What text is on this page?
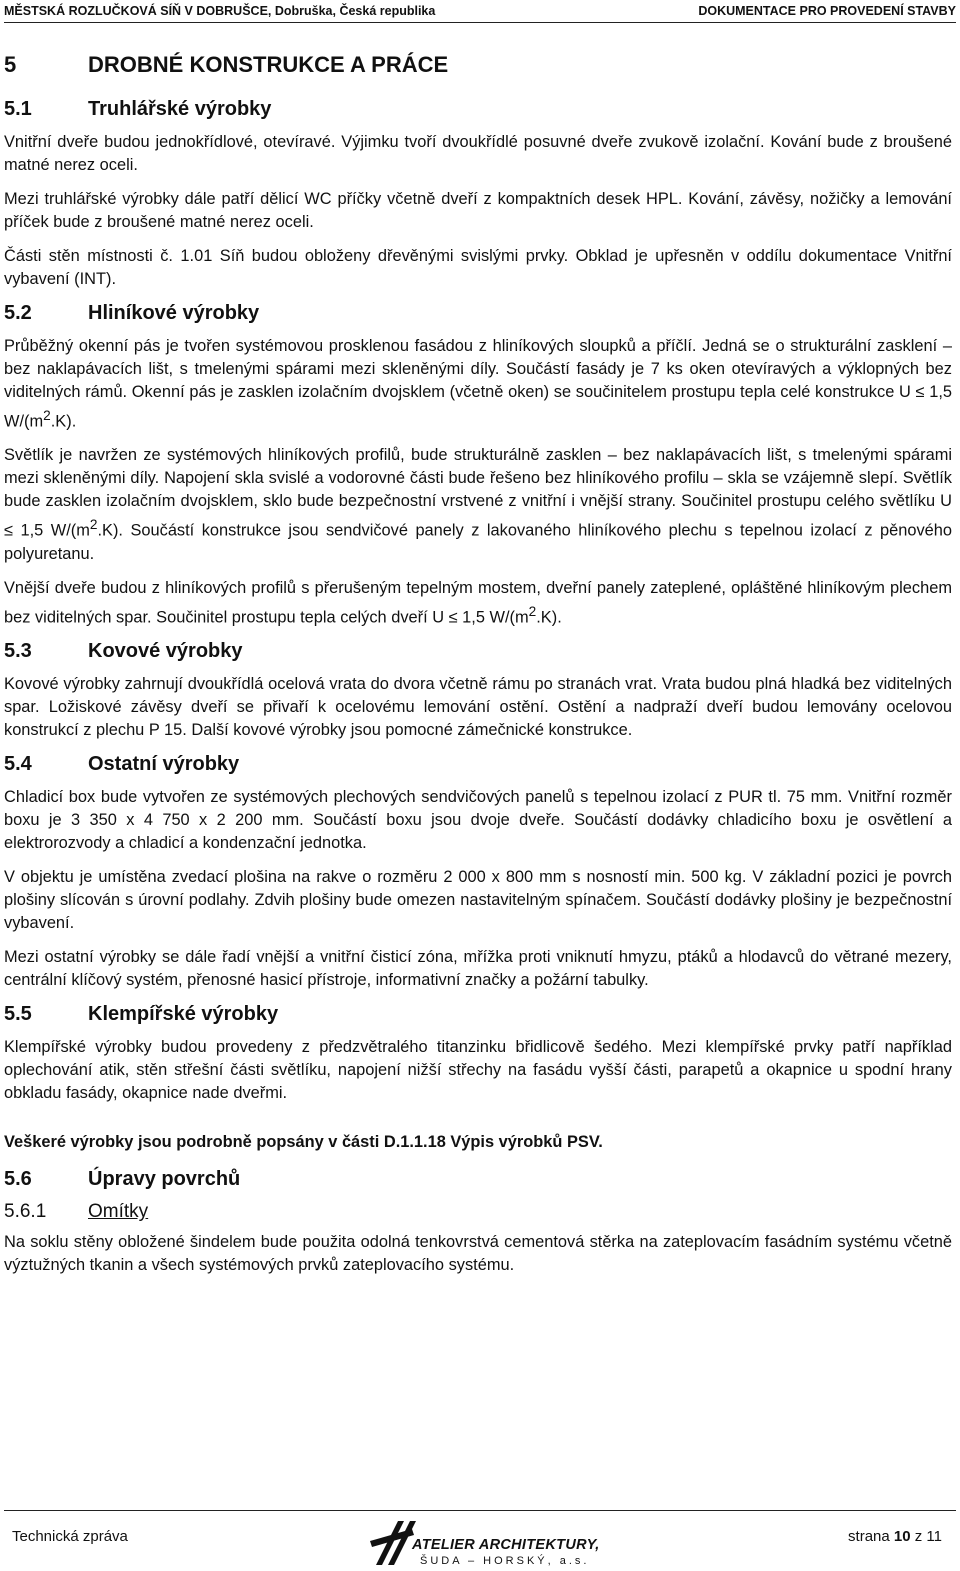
MĚSTSKÁ ROZLUČKOVÁ SÍŇ V DOBRUŠCE, Dobruška, Česká republika	DOKUMENTACE PRO PROVEDENÍ STAVBY
5	DROBNÉ KONSTRUKCE A PRÁCE
5.1	Truhlářské výrobky

Vnitřní dveře budou jednokřídlové, otevíravé. Výjimku tvoří dvoukřídlé posuvné dveře zvukově izolační. Kování bude z broušené matné nerez oceli.

Mezi truhlářské výrobky dále patří dělicí WC příčky včetně dveří z kompaktních desek HPL. Kování, závěsy, nožičky a lemování příček bude z broušené matné nerez oceli.

Části stěn místnosti č. 1.01 Síň budou obloženy dřevěnými svislými prvky. Obklad je upřesněn v oddílu dokumentace Vnitřní vybavení (INT).

5.2	Hliníkové výrobky

Průběžný okenní pás je tvořen systémovou prosklenou fasádou z hliníkových sloupků a příčlí. Jedná se o strukturální zasklení – bez naklapávacích lišt, s tmelenými spárami mezi skleněnými díly. Součástí fasády je 7 ks oken otevíravých a výklopných bez viditelných rámů. Okenní pás je zasklen izolačním dvojsklem (včetně oken) se součinitelem prostupu tepla celé konstrukce U ≤ 1,5 $W/(m^2.K)$.

Světlík je navržen ze systémových hliníkových profilů, bude strukturálně zasklen – bez naklapávacích lišt, s tmelenými spárami mezi skleněnými díly. Napojení skla svislé a vodorovné části bude řešeno bez hliníkového profilu – skla se vzájemně slepí. Světlík bude zasklen izolačním dvojsklem, sklo bude bezpečnostní vrstvené z vnitřní i vnější strany. Součinitel prostupu celého světlíku U ≤ 1,5 $W/(m^2.K)$. Součástí konstrukce jsou sendvičové panely z lakovaného hliníkového plechu s tepelnou izolací z pěnového polyuretanu.

Vnější dveře budou z hliníkových profilů s přerušeným tepelným mostem, dveřní panely zateplené, opláštěné hliníkovým plechem bez viditelných spar. Součinitel prostupu tepla celých dveří U ≤ 1,5 $W/(m^2.K)$.

5.3	Kovové výrobky

Kovové výrobky zahrnují dvoukřídlá ocelová vrata do dvora včetně rámu po stranách vrat. Vrata budou plná hladká bez viditelných spar. Ložiskové závěsy dveří se přivaří k ocelovému lemování ostění. Ostění a nadpraží dveří budou lemovány ocelovou konstrukcí z plechu P 15. Další kovové výrobky jsou pomocné zámečnické konstrukce.

5.4	Ostatní výrobky

Chladicí box bude vytvořen ze systémových plechových sendvičových panelů s tepelnou izolací z PUR tl. 75 mm. Vnitřní rozměr boxu je 3 350 x 4 750 x 2 200 mm. Součástí boxu jsou dvoje dveře. Součástí dodávky chladicího boxu je osvětlení a elektrorozvody a chladicí a kondenzační jednotka.

V objektu je umístěna zvedací plošina na rakve o rozměru 2 000 x 800 mm s nosností min. 500 kg. V základní pozici je povrch plošiny slícován s úrovní podlahy. Zdvih plošiny bude omezen nastavitelným spínačem. Součástí dodávky plošiny je bezpečnostní vybavení.

Mezi ostatní výrobky se dále řadí vnější a vnitřní čisticí zóna, mřížka proti vniknutí hmyzu, ptáků a hlodavců do větrané mezery, centrální klíčový systém, přenosné hasicí přístroje, informativní značky a požární tabulky.

5.5	Klempířské výrobky

Klempířské výrobky budou provedeny z předzvětralého titanzinku břidlicově šedého. Mezi klempířské prvky patří například oplechování atik, stěn střešní části světlíku, napojení nižší střechy na fasádu vyšší části, parapetů a okapnice u spodní hrany obkladu fasády, okapnice nade dveřmi.

Veškeré výrobky jsou podrobně popsány v části D.1.1.18 Výpis výrobků PSV.
5.6	Úpravy povrchů
5.6.1	Omítky

Na soklu stěny obložené šindelem bude použita odolná tenkovrstvá cementová stěrka na zateplovacím fasádním systému včetně výztužných tkanin a všech systémových prvků zateplovacího systému.

Technická zpráva	ATELIER ARCHITEKTURY,
ŠUDA – HORSKÝ, a.s.
strana 10 z 11
